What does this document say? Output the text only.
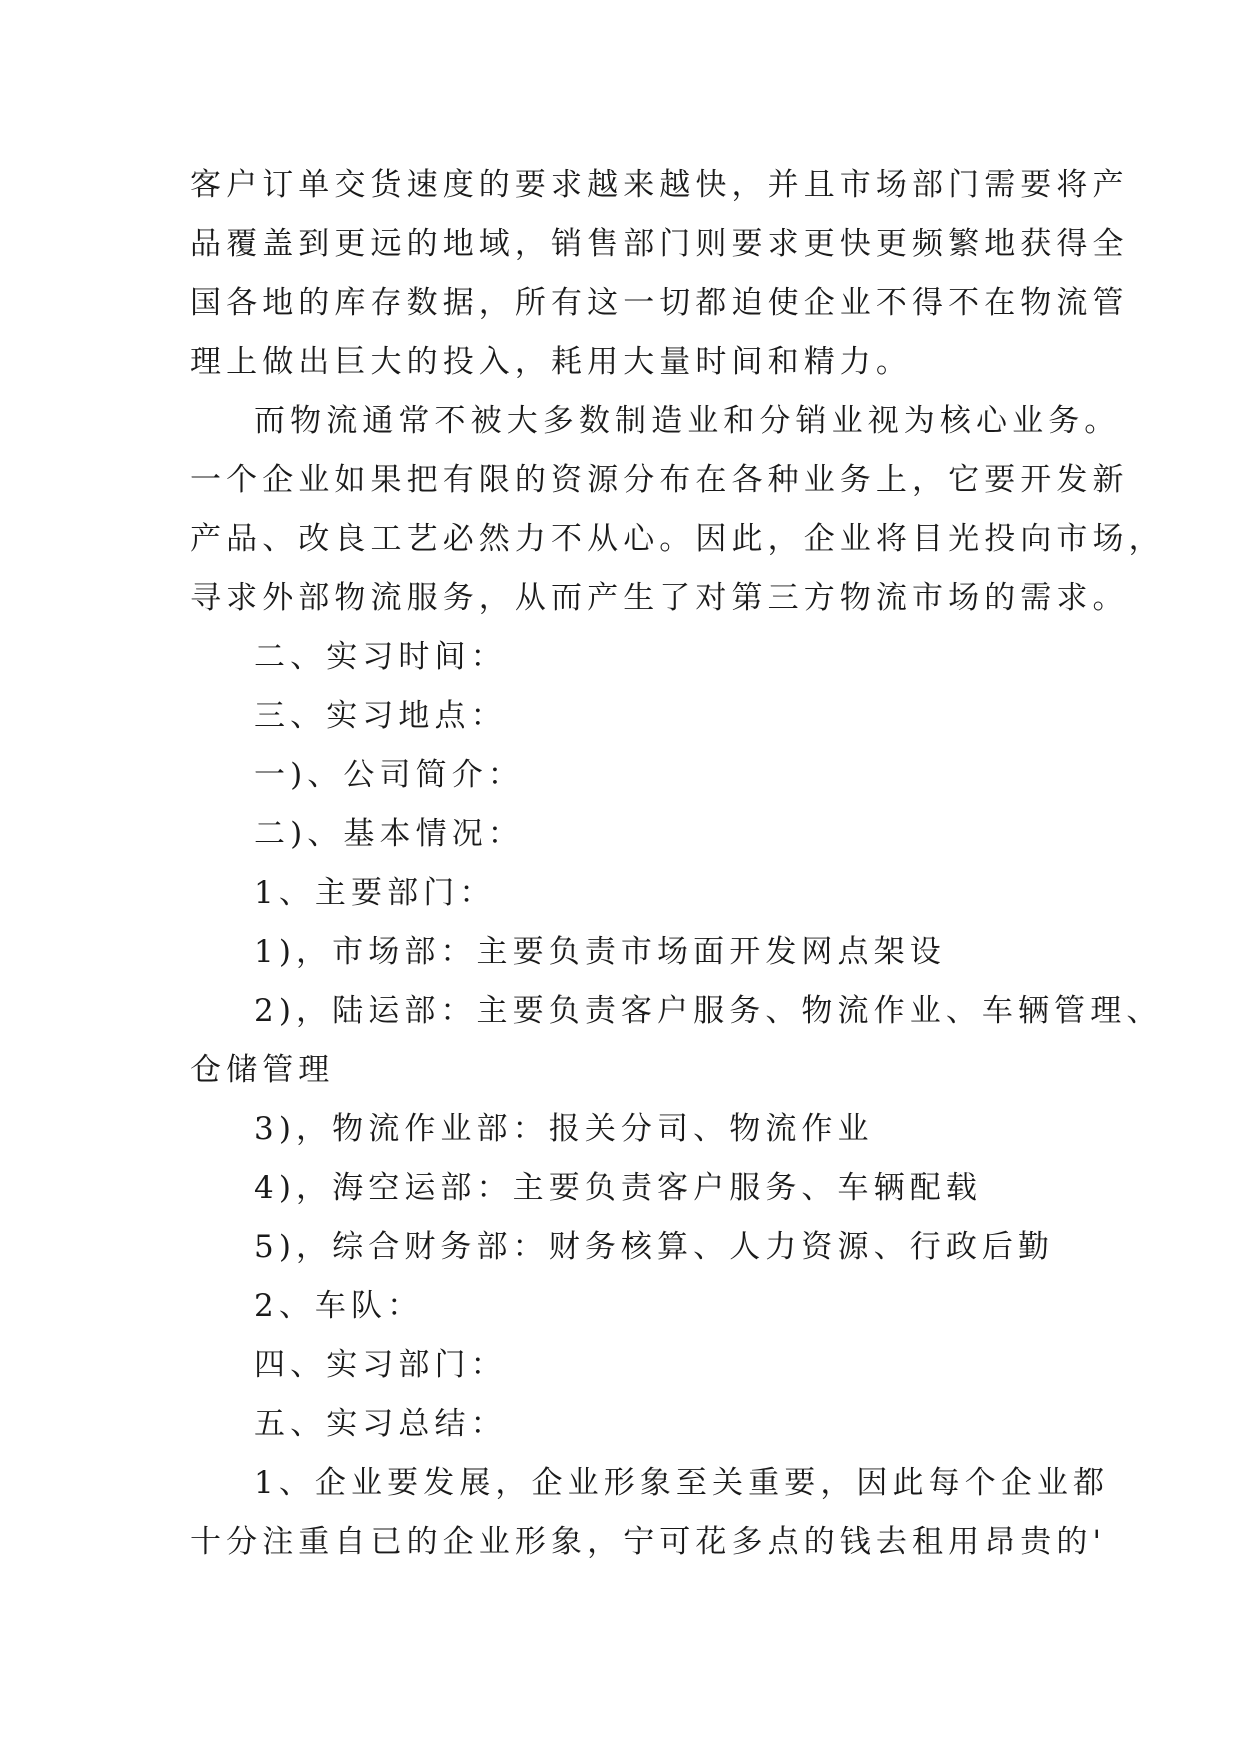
客户订单交货速度的要求越来越快，并且市场部门需要将产
品覆盖到更远的地域，销售部门则要求更快更频繁地获得全
国各地的库存数据，所有这一切都迫使企业不得不在物流管
理上做出巨大的投入，耗用大量时间和精力。
而物流通常不被大多数制造业和分销业视为核心业务。
一个企业如果把有限的资源分布在各种业务上，它要开发新
产品、改良工艺必然力不从心。因此，企业将目光投向市场，
寻求外部物流服务，从而产生了对第三方物流市场的需求。
二、实习时间：
三、实习地点：
一)、公司简介：
二)、基本情况：
1、主要部门：
1)，市场部：主要负责市场面开发网点架设
2)，陆运部：主要负责客户服务、物流作业、车辆管理、
仓储管理
3)，物流作业部：报关分司、物流作业
4)，海空运部：主要负责客户服务、车辆配载
5)，综合财务部：财务核算、人力资源、行政后勤
2、车队：
四、实习部门：
五、实习总结：
1、企业要发展，企业形象至关重要，因此每个企业都
十分注重自已的企业形象，宁可花多点的钱去租用昂贵的'
